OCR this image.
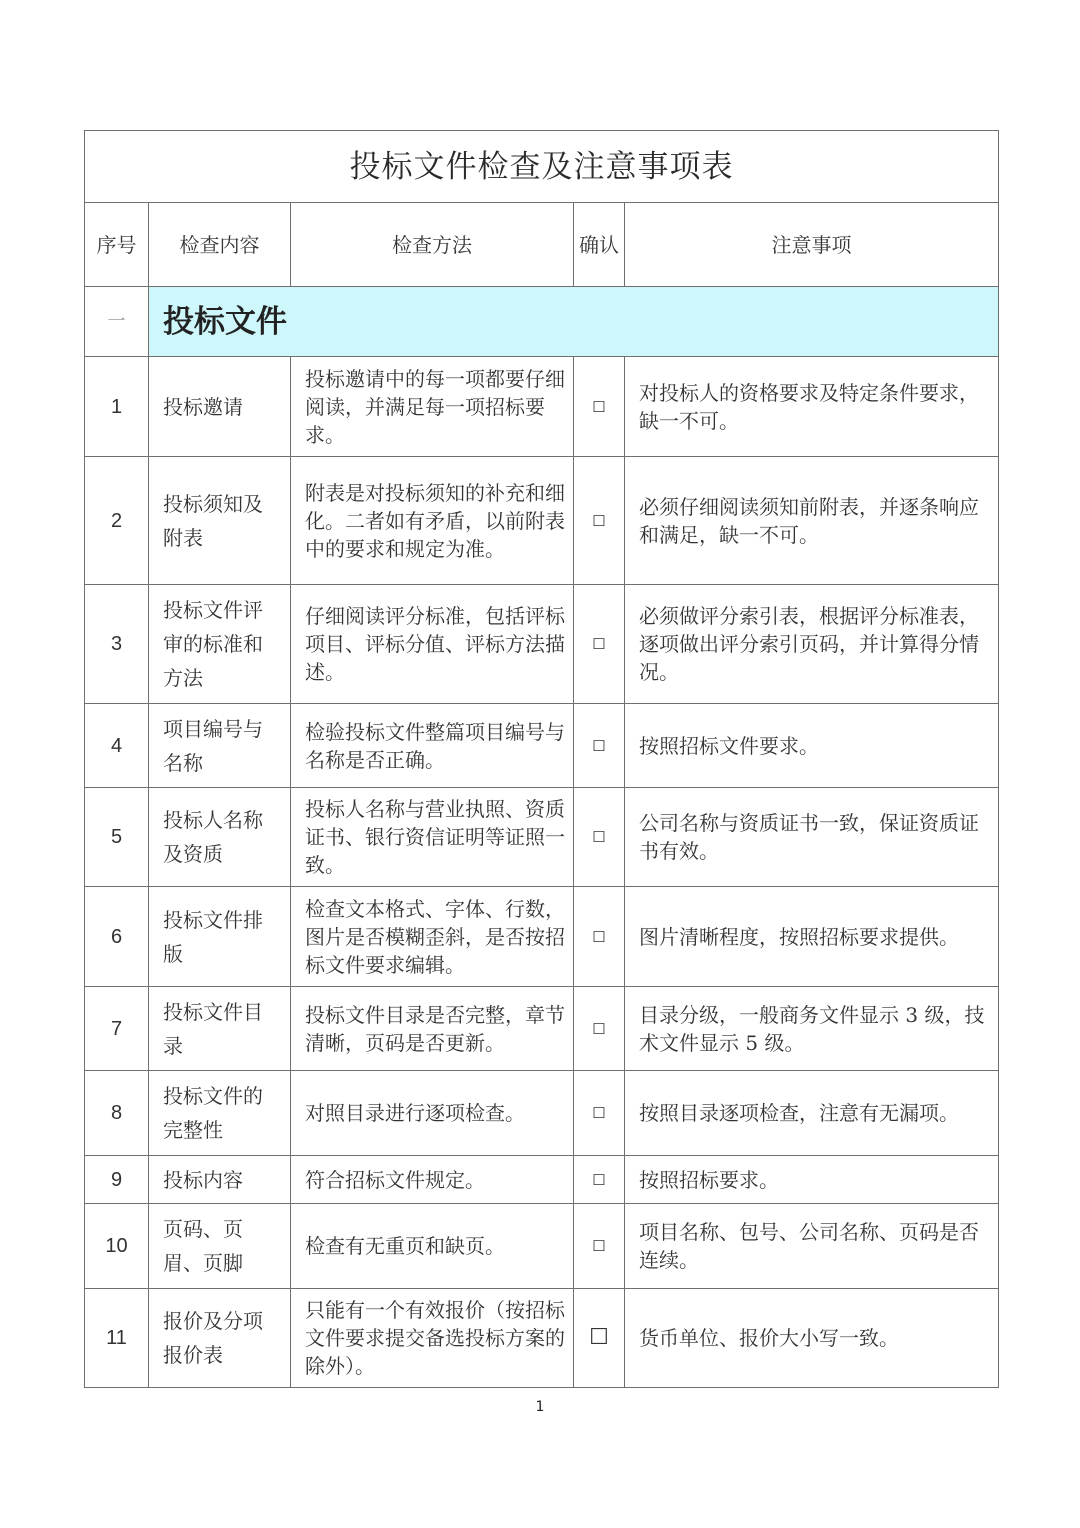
投标文件检查及注意事项表				
序号	检查内容	检查方法	确认	注意事项
一	投标文件			
1	投标邀请	投标邀请中的每一项都要仔细阅读，并满足每一项招标要求。	☐	对投标人的资格要求及特定条件要求，缺一不可。
2	投标须知及附表	附表是对投标须知的补充和细化。二者如有矛盾，以前附表中的要求和规定为准。	☐	必须仔细阅读须知前附表，并逐条响应和满足，缺一不可。
3	投标文件评审的标准和方法	仔细阅读评分标准，包括评标项目、评标分值、评标方法描述。	☐	必须做评分索引表，根据评分标准表，逐项做出评分索引页码，并计算得分情况。
4	项目编号与名称	检验投标文件整篇项目编号与名称是否正确。	☐	按照招标文件要求。
5	投标人名称及资质	投标人名称与营业执照、资质证书、银行资信证明等证照一致。	☐	公司名称与资质证书一致，保证资质证书有效。
6	投标文件排版	检查文本格式、字体、行数，图片是否模糊歪斜，是否按招标文件要求编辑。	☐	图片清晰程度，按照招标要求提供。
7	投标文件目录	投标文件目录是否完整，章节清晰，页码是否更新。	☐	目录分级，一般商务文件显示 3 级，技术文件显示 5 级。
8	投标文件的完整性	对照目录进行逐项检查。	☐	按照目录逐项检查，注意有无漏项。
9	投标内容	符合招标文件规定。	☐	按照招标要求。
10	页码、页眉、页脚	检查有无重页和缺页。	☐	项目名称、包号、公司名称、页码是否连续。
11	报价及分项报价表	只能有一个有效报价（按招标文件要求提交备选投标方案的除外）。	☐	货币单位、报价大小写一致。
1
